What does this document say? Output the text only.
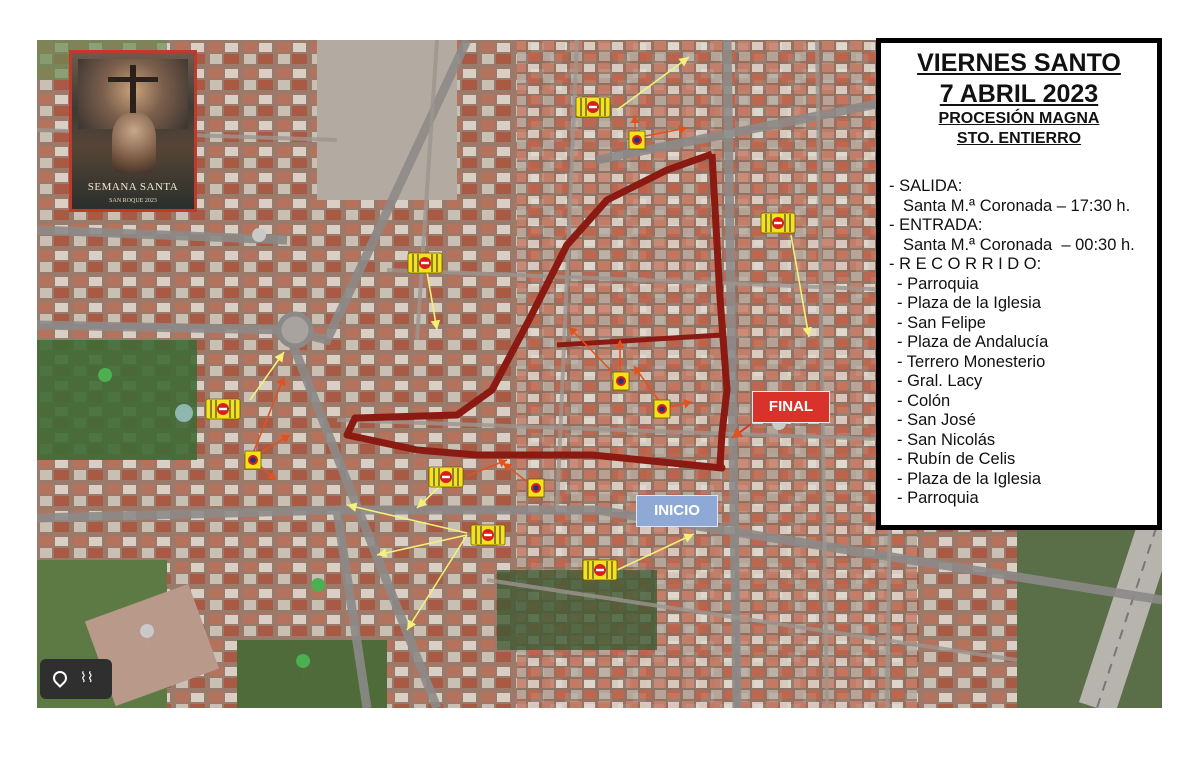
SEMANA SANTA
SAN ROQUE 2023
FINAL
INICIO
⌇⌇
VIERNES SANTO
7 ABRIL 2023
PROCESIÓN MAGNA
STO. ENTIERRO
- SALIDA:
Santa M.ª Coronada – 17:30 h.
- ENTRADA:
Santa M.ª Coronada  – 00:30 h.
- R E C O R R I D O:
- Parroquia
- Plaza de la Iglesia
- San Felipe
- Plaza de Andalucía
- Terrero Monesterio
- Gral. Lacy
- Colón
- San José
- San Nicolás
- Rubín de Celis
- Plaza de la Iglesia
- Parroquia
